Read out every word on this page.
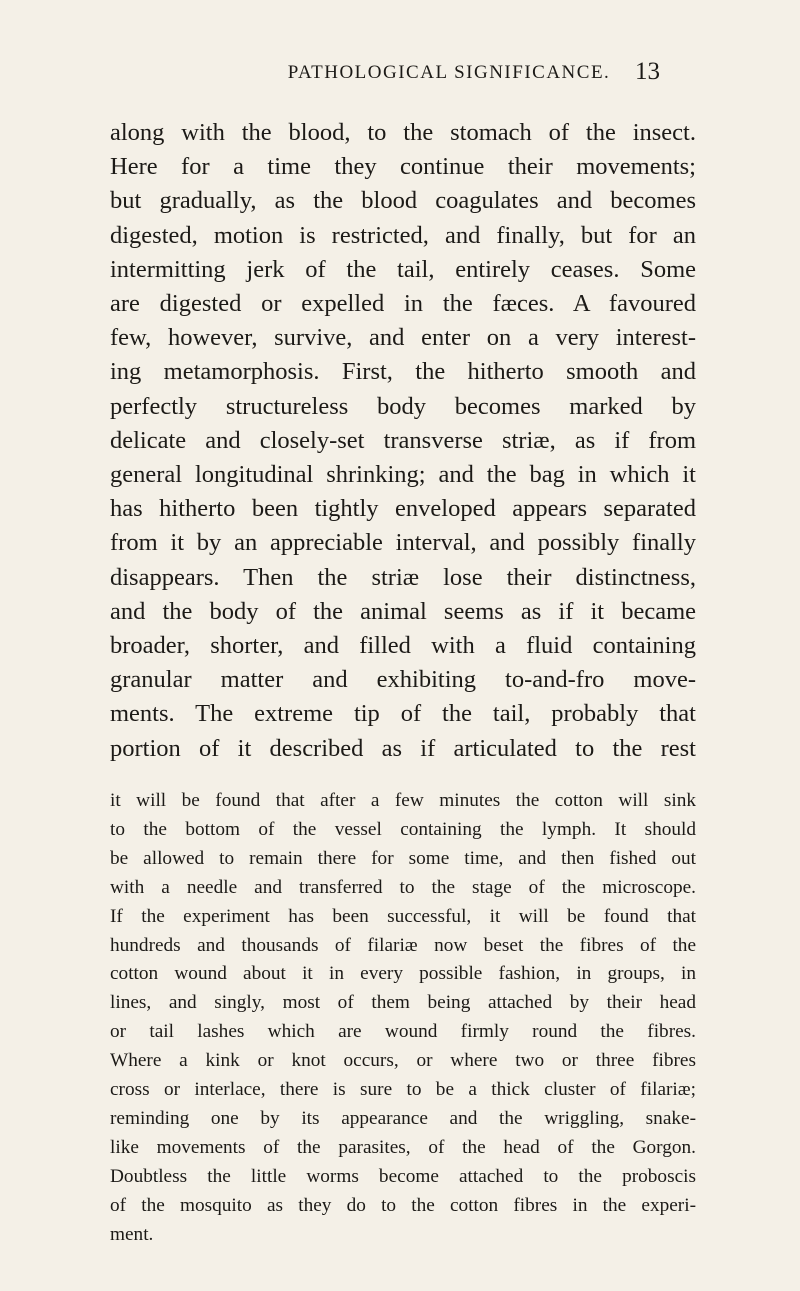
PATHOLOGICAL SIGNIFICANCE. 13
along with the blood, to the stomach of the insect.
Here for a time they continue their movements;
but gradually, as the blood coagulates and becomes
digested, motion is restricted, and finally, but for an
intermitting jerk of the tail, entirely ceases. Some
are digested or expelled in the fæces. A favoured
few, however, survive, and enter on a very interest-
ing metamorphosis. First, the hitherto smooth and
perfectly structureless body becomes marked by
delicate and closely-set transverse striæ, as if from
general longitudinal shrinking; and the bag in which it
has hitherto been tightly enveloped appears separated
from it by an appreciable interval, and possibly finally
disappears. Then the striæ lose their distinctness,
and the body of the animal seems as if it became
broader, shorter, and filled with a fluid containing
granular matter and exhibiting to-and-fro move-
ments. The extreme tip of the tail, probably that
portion of it described as if articulated to the rest
it will be found that after a few minutes the cotton will sink
to the bottom of the vessel containing the lymph. It should
be allowed to remain there for some time, and then fished out
with a needle and transferred to the stage of the microscope.
If the experiment has been successful, it will be found that
hundreds and thousands of filariæ now beset the fibres of the
cotton wound about it in every possible fashion, in groups, in
lines, and singly, most of them being attached by their head
or tail lashes which are wound firmly round the fibres.
Where a kink or knot occurs, or where two or three fibres
cross or interlace, there is sure to be a thick cluster of filariæ;
reminding one by its appearance and the wriggling, snake-
like movements of the parasites, of the head of the Gorgon.
Doubtless the little worms become attached to the proboscis
of the mosquito as they do to the cotton fibres in the experi-
ment.
